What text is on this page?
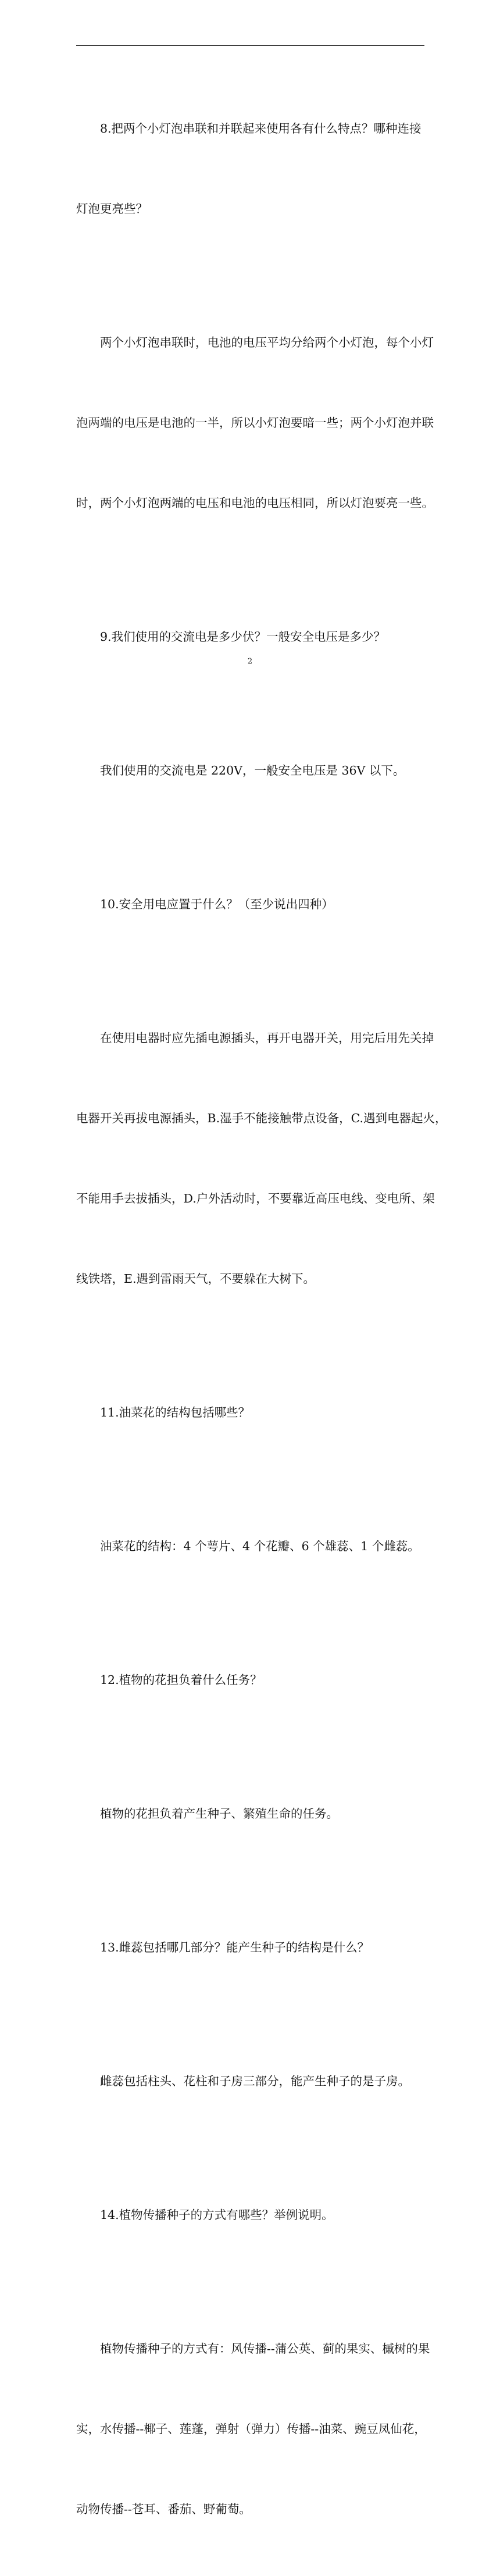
8.把两个小灯泡串联和并联起来使用各有什么特点？哪种连接

灯泡更亮些？

两个小灯泡串联时，电池的电压平均分给两个小灯泡，每个小灯

泡两端的电压是电池的一半，所以小灯泡要暗一些；两个小灯泡并联

时，两个小灯泡两端的电压和电池的电压相同，所以灯泡要亮一些。

9.我们使用的交流电是多少伏？一般安全电压是多少？

我们使用的交流电是 220V，一般安全电压是 36V 以下。

10.安全用电应置于什么？（至少说出四种）

在使用电器时应先插电源插头，再开电器开关，用完后用先关掉

电器开关再拔电源插头，B.湿手不能接触带点设备，C.遇到电器起火，

不能用手去拔插头，D.户外活动时，不要靠近高压电线、变电所、架

线铁塔，E.遇到雷雨天气，不要躲在大树下。

11.油菜花的结构包括哪些？

油菜花的结构：4 个萼片、4 个花瓣、6 个雄蕊、1 个雌蕊。

12.植物的花担负着什么任务？

植物的花担负着产生种子、繁殖生命的任务。

13.雌蕊包括哪几部分？能产生种子的结构是什么？

雌蕊包括柱头、花柱和子房三部分，能产生种子的是子房。

14.植物传播种子的方式有哪些？举例说明。

植物传播种子的方式有：风传播--蒲公英、蓟的果实、槭树的果

实，水传播--椰子、莲蓬，弹射（弹力）传播--油菜、豌豆凤仙花，

动物传播--苍耳、番茄、野葡萄。

2
